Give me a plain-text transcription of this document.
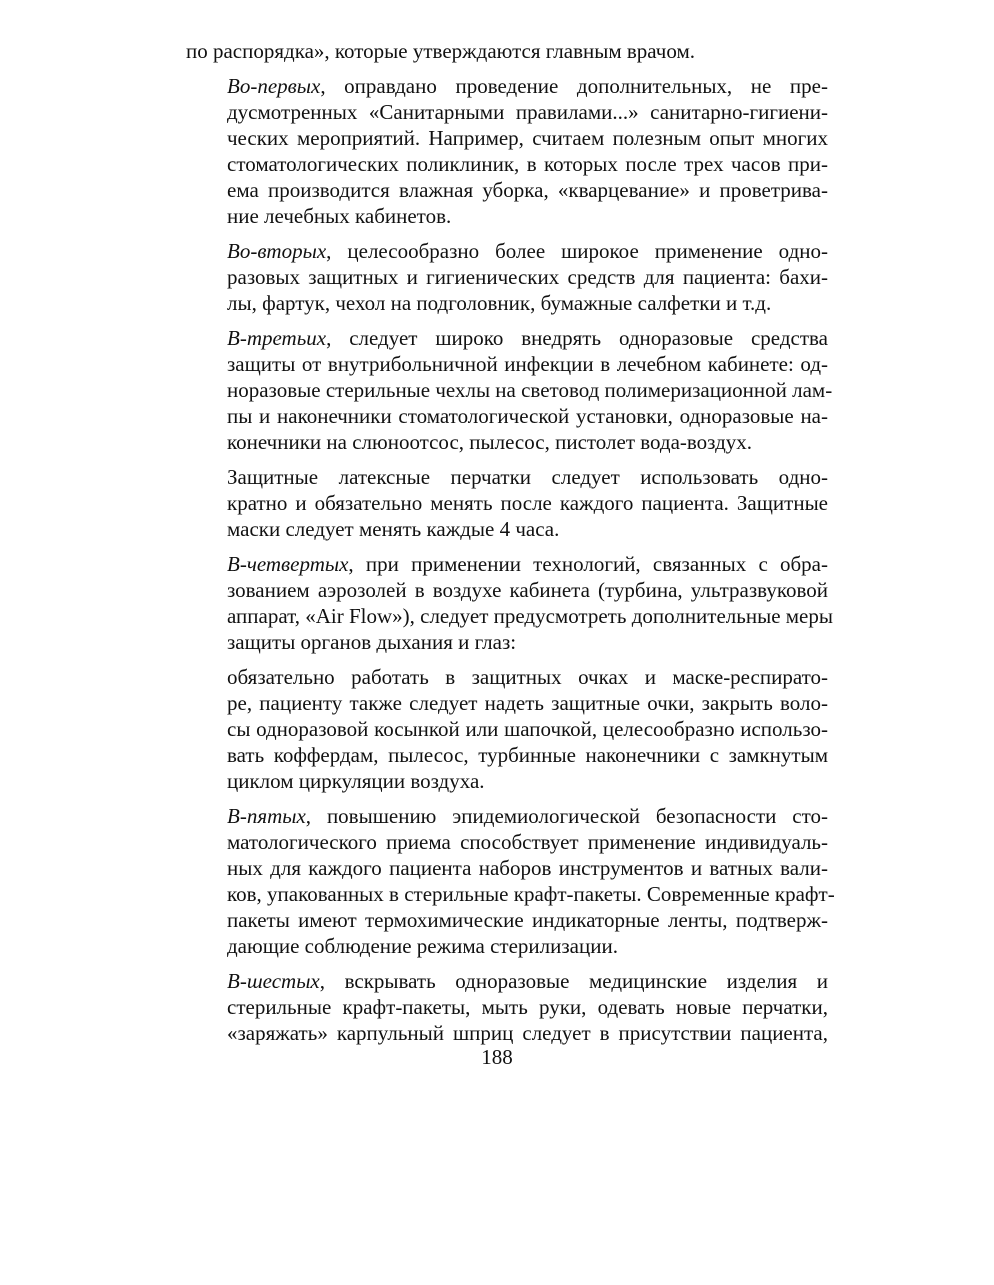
по распорядка», которые утверждаются главным врачом.

Во-первых, оправдано проведение дополнительных, не пре-
дусмотренных «Санитарными правилами...» санитарно-гигиени-
ческих мероприятий. Например, считаем полезным опыт многих
стоматологических поликлиник, в которых после трех часов при-
ема производится влажная уборка, «кварцевание» и проветрива-
ние лечебных кабинетов.

Во-вторых, целесообразно более широкое применение одно-
разовых защитных и гигиенических средств для пациента: бахи-
лы, фартук, чехол на подголовник, бумажные салфетки и т.д.

В-третьих, следует широко внедрять одноразовые средства
защиты от внутрибольничной инфекции в лечебном кабинете: од-
норазовые стерильные чехлы на световод полимеризационной лам-
пы и наконечники стоматологической установки, одноразовые на-
конечники на слюноотсос, пылесос, пистолет вода-воздух.

Защитные латексные перчатки следует использовать одно-
кратно и обязательно менять после каждого пациента. Защитные
маски следует менять каждые 4 часа.

В-четвертых, при применении технологий, связанных с обра-
зованием аэрозолей в воздухе кабинета (турбина, ультразвуковой
аппарат, «Air Flow»), следует предусмотреть дополнительные меры
защиты органов дыхания и глаз:

обязательно работать в защитных очках и маске-респирато-
ре, пациенту также следует надеть защитные очки, закрыть воло-
сы одноразовой косынкой или шапочкой, целесообразно использо-
вать коффердам, пылесос, турбинные наконечники с замкнутым
циклом циркуляции воздуха.

В-пятых, повышению эпидемиологической безопасности сто-
матологического приема способствует применение индивидуаль-
ных для каждого пациента наборов инструментов и ватных вали-
ков, упакованных в стерильные крафт-пакеты. Современные крафт-
пакеты имеют термохимические индикаторные ленты, подтверж-
дающие соблюдение режима стерилизации.

В-шестых, вскрывать одноразовые медицинские изделия и
стерильные крафт-пакеты, мыть руки, одевать новые перчатки,
«заряжать» карпульный шприц следует в присутствии пациента,

188
